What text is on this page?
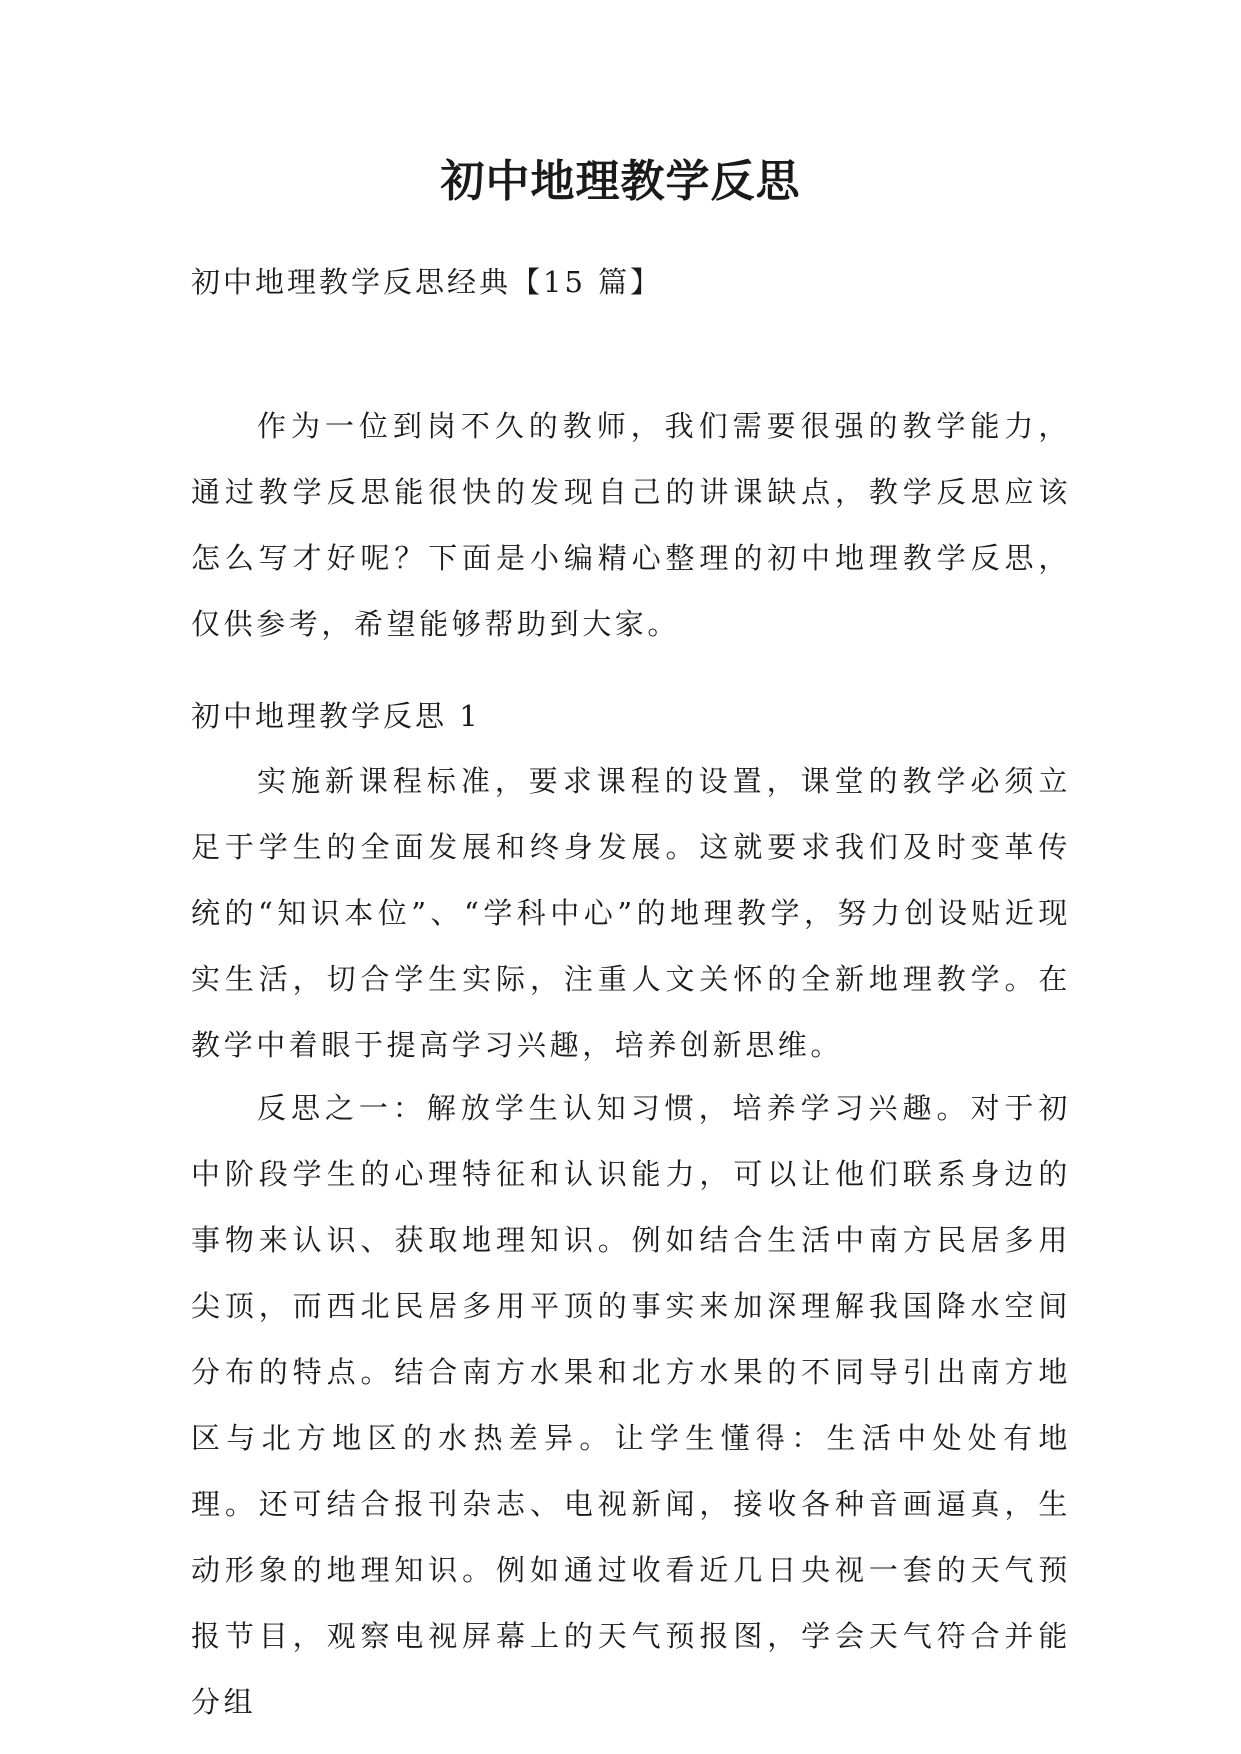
初中地理教学反思

初中地理教学反思经典【15 篇】

作为一位到岗不久的教师，我们需要很强的教学能力，通过教学反思能很快的发现自己的讲课缺点，教学反思应该怎么写才好呢？下面是小编精心整理的初中地理教学反思，仅供参考，希望能够帮助到大家。

初中地理教学反思 1

实施新课程标准，要求课程的设置，课堂的教学必须立足于学生的全面发展和终身发展。这就要求我们及时变革传统的“知识本位”、“学科中心”的地理教学，努力创设贴近现实生活，切合学生实际，注重人文关怀的全新地理教学。在教学中着眼于提高学习兴趣，培养创新思维。

反思之一：解放学生认知习惯，培养学习兴趣。对于初中阶段学生的心理特征和认识能力，可以让他们联系身边的事物来认识、获取地理知识。例如结合生活中南方民居多用尖顶，而西北民居多用平顶的事实来加深理解我国降水空间分布的特点。结合南方水果和北方水果的不同导引出南方地区与北方地区的水热差异。让学生懂得：生活中处处有地理。还可结合报刊杂志、电视新闻，接收各种音画逼真，生动形象的地理知识。例如通过收看近几日央视一套的天气预报节目，观察电视屏幕上的天气预报图，学会天气符合并能分组
